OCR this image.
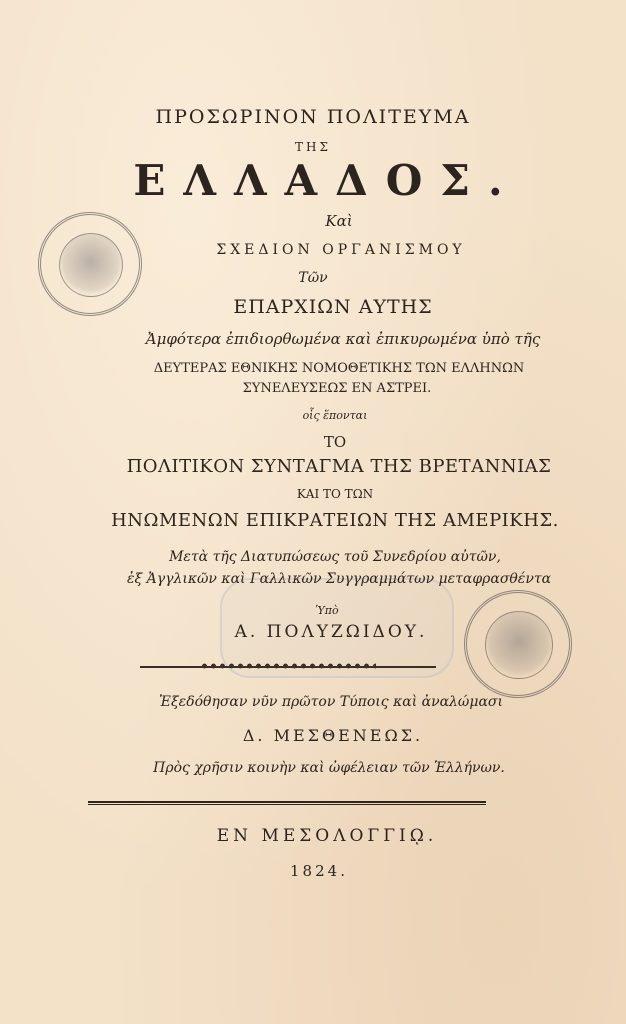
ΠΡΟΣΩΡΙΝΟΝ ΠΟΛΙΤΕΥΜΑ
ΤΗΣ
ΕΛΛΑΔΟΣ.
Καὶ
ΣΧΕΔΙΟΝ ΟΡΓΑΝΙΣΜΟΥ
Τῶν
ΕΠΑΡΧΙΩΝ ΑΥΤΗΣ
Ἀμφότερα ἐπιδιορθωμένα καὶ ἐπικυρωμένα ὑπὸ τῆς
ΔΕΥΤΕΡΑΣ ΕΘΝΙΚΗΣ ΝΟΜΟΘΕΤΙΚΗΣ ΤΩΝ ΕΛΛΗΝΩΝ
ΣΥΝΕΛΕΥΣΕΩΣ ΕΝ ΑΣΤΡΕΙ.
οἷς ἕπονται
ΤΟ
ΠΟΛΙΤΙΚΟΝ ΣΥΝΤΑΓΜΑ ΤΗΣ ΒΡΕΤΑΝΝΙΑΣ
ΚΑΙ ΤΟ ΤΩΝ
ΗΝΩΜΕΝΩΝ ΕΠΙΚΡΑΤΕΙΩΝ ΤΗΣ ΑΜΕΡΙΚΗΣ.
Μετὰ τῆς Διατυπώσεως τοῦ Συνεδρίου αὐτῶν,
ἐξ Ἀγγλικῶν καὶ Γαλλικῶν Συγγραμμάτων μεταφρασθέντα
Ὑπὸ
Α. ΠΟΛΥΖΩΙΔΟΥ.
Ἐξεδόθησαν νῦν πρῶτον Τύποις καὶ ἀναλώμασι
Δ. ΜΕΣΘΕΝΕΩΣ.
Πρὸς χρῆσιν κοινὴν καὶ ὠφέλειαν τῶν Ἑλλήνων.
ΕΝ ΜΕΣΟΛΟΓΓΙῼ.
1824.
